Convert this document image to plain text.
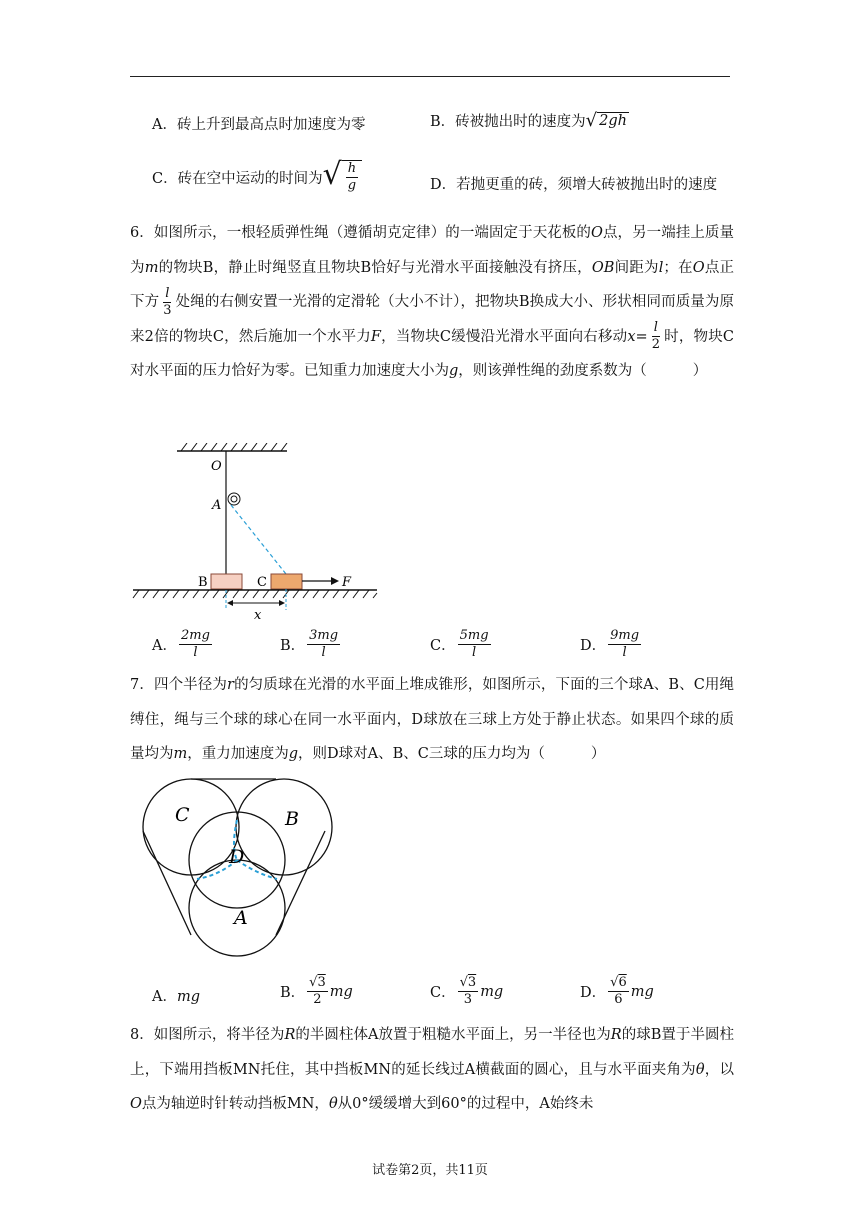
A．砖上升到最高点时加速度为零	B． 砖被抛出时的速度为 √ 2gh
C． 砖在空中运动的时间为 √ $\frac{h}{g}$	D．若抛更重的砖，须增大砖被抛出时的速度
6．如图所示，一根轻质弹性绳（遵循胡克定律）的一端固定于天花板的O点，另一端挂上质量为m的物块B，静止时绳竖直且物块B恰好与光滑水平面接触没有挤压，OB间距为l；在O点正下方 $\frac{l}{3}$ 处绳的右侧安置一光滑的定滑轮（大小不计），把物块B换成大小、形状相同而质量为原来2倍的物块C，然后施加一个水平力F，当物块C缓慢沿光滑水平面向右移动$x= \frac{l}{2}$ 时，物块C对水平面的压力恰好为零。已知重力加速度大小为g，则该弹性绳的劲度系数为（	）
O
A
B	C	F
x
A． $\frac{2mg}{l}$	B． $\frac{3mg}{l}$	C． $\frac{5mg}{l}$	D． $\frac{9mg}{l}$
7．四个半径为r的匀质球在光滑的水平面上堆成锥形，如图所示，下面的三个球A、B、C用绳缚住，绳与三个球的球心在同一水平面内，D球放在三球上方处于静止状态。如果四个球的质量均为m，重力加速度为g，则D球对A、B、C三球的压力均为（	）
C	B
D
A
A．mg	B． $\frac{√3}{2}$ mg	C． $\frac{√3}{3}$ mg	D． $\frac{√6}{6}$ mg
8．如图所示，将半径为R的半圆柱体A放置于粗糙水平面上，另一半径也为R的球B置于半圆柱上，下端用挡板MN托住，其中挡板MN的延长线过A横截面的圆心，且与水平面夹角为θ，以O点为轴逆时针转动挡板MN，θ从0°缓缓增大到60°的过程中，A始终未
试卷第2页，共11页
